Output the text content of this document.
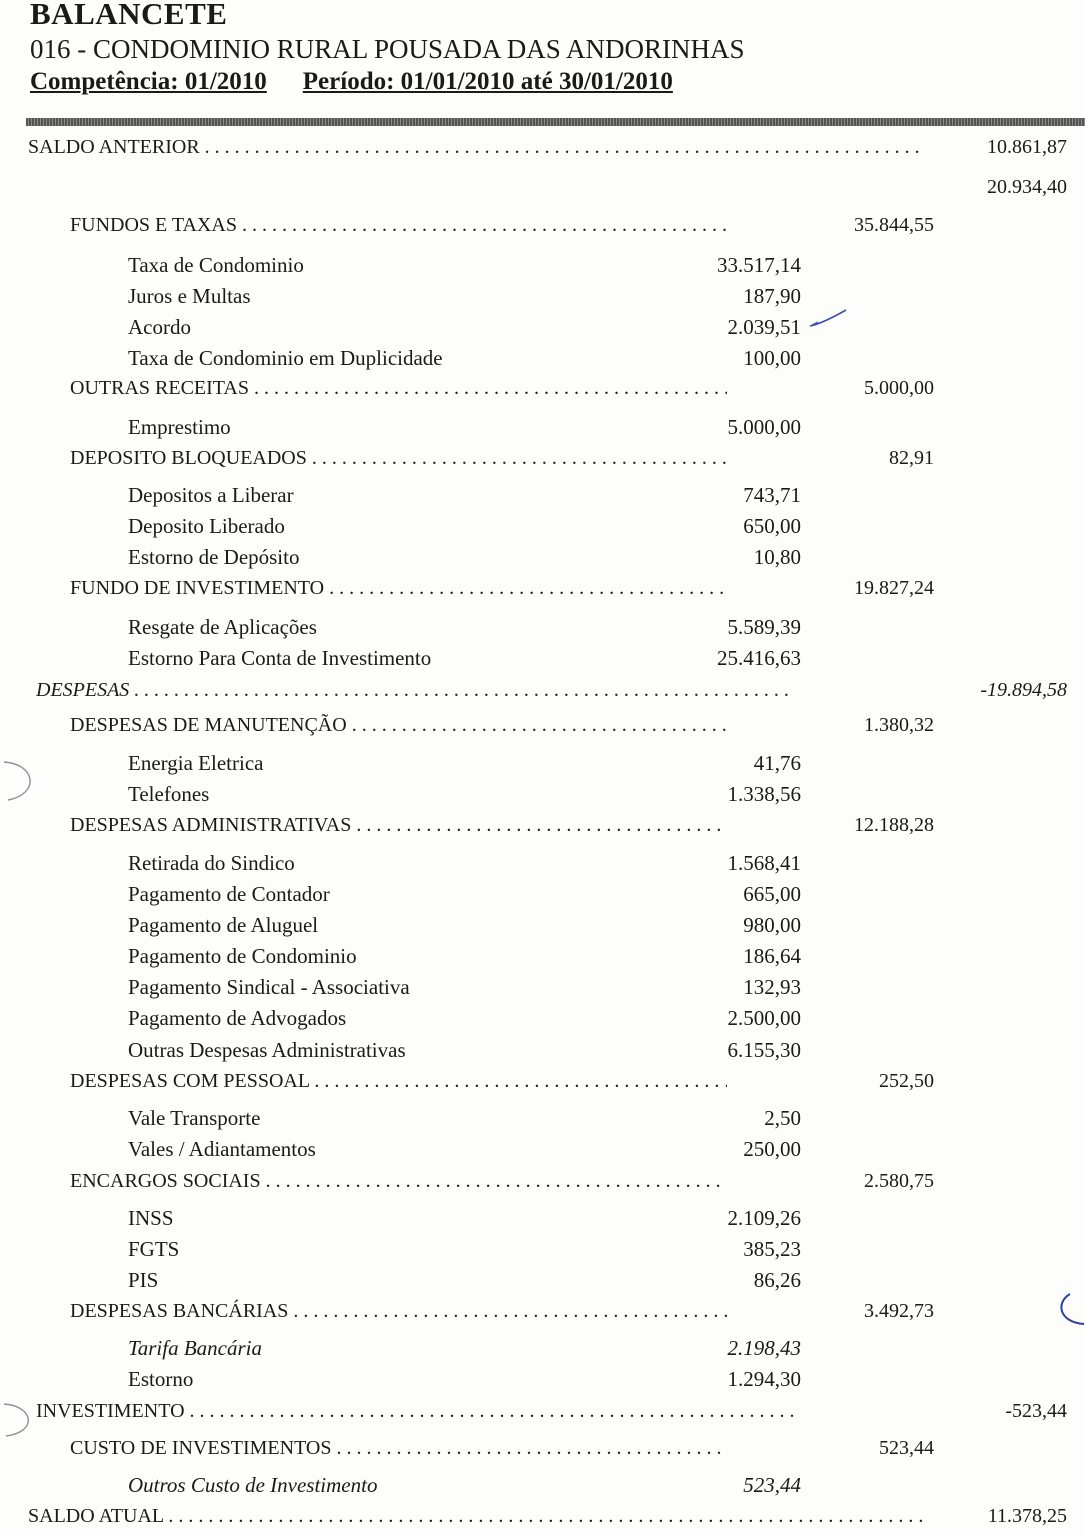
BALANCETE
016 - CONDOMINIO RURAL POUSADA DAS ANDORINHAS
Competência: 01/2010 Período: 01/01/2010 até 30/01/2010
SALDO ANTERIOR . . .	10.861,87
20.934,40
FUNDOS E TAXAS . . .	35.844,55
Taxa de Condominio	33.517,14
Juros e Multas	187,90
Acordo	2.039,51
Taxa de Condominio em Duplicidade	100,00
OUTRAS RECEITAS . . .	5.000,00
Emprestimo	5.000,00
DEPOSITO BLOQUEADOS . . .	82,91
Depositos a Liberar	743,71
Deposito Liberado	650,00
Estorno de Depósito	10,80
FUNDO DE INVESTIMENTO . . .	19.827,24
Resgate de Aplicações	5.589,39
Estorno Para Conta de Investimento	25.416,63
DESPESAS . . .	-19.894,58
DESPESAS DE MANUTENÇÃO . . .	1.380,32
Energia Eletrica	41,76
Telefones	1.338,56
DESPESAS ADMINISTRATIVAS . . .	12.188,28
Retirada do Sindico	1.568,41
Pagamento de Contador	665,00
Pagamento de Aluguel	980,00
Pagamento de Condominio	186,64
Pagamento Sindical - Associativa	132,93
Pagamento de Advogados	2.500,00
Outras Despesas Administrativas	6.155,30
DESPESAS COM PESSOAL . . .	252,50
Vale Transporte	2,50
Vales / Adiantamentos	250,00
ENCARGOS SOCIAIS . . .	2.580,75
INSS	2.109,26
FGTS	385,23
PIS	86,26
DESPESAS BANCÁRIAS . . .	3.492,73
Tarifa Bancária	2.198,43
Estorno	1.294,30
INVESTIMENTO . . .	-523,44
CUSTO DE INVESTIMENTOS . . .	523,44
Outros Custo de Investimento	523,44
SALDO ATUAL . . .	11.378,25
